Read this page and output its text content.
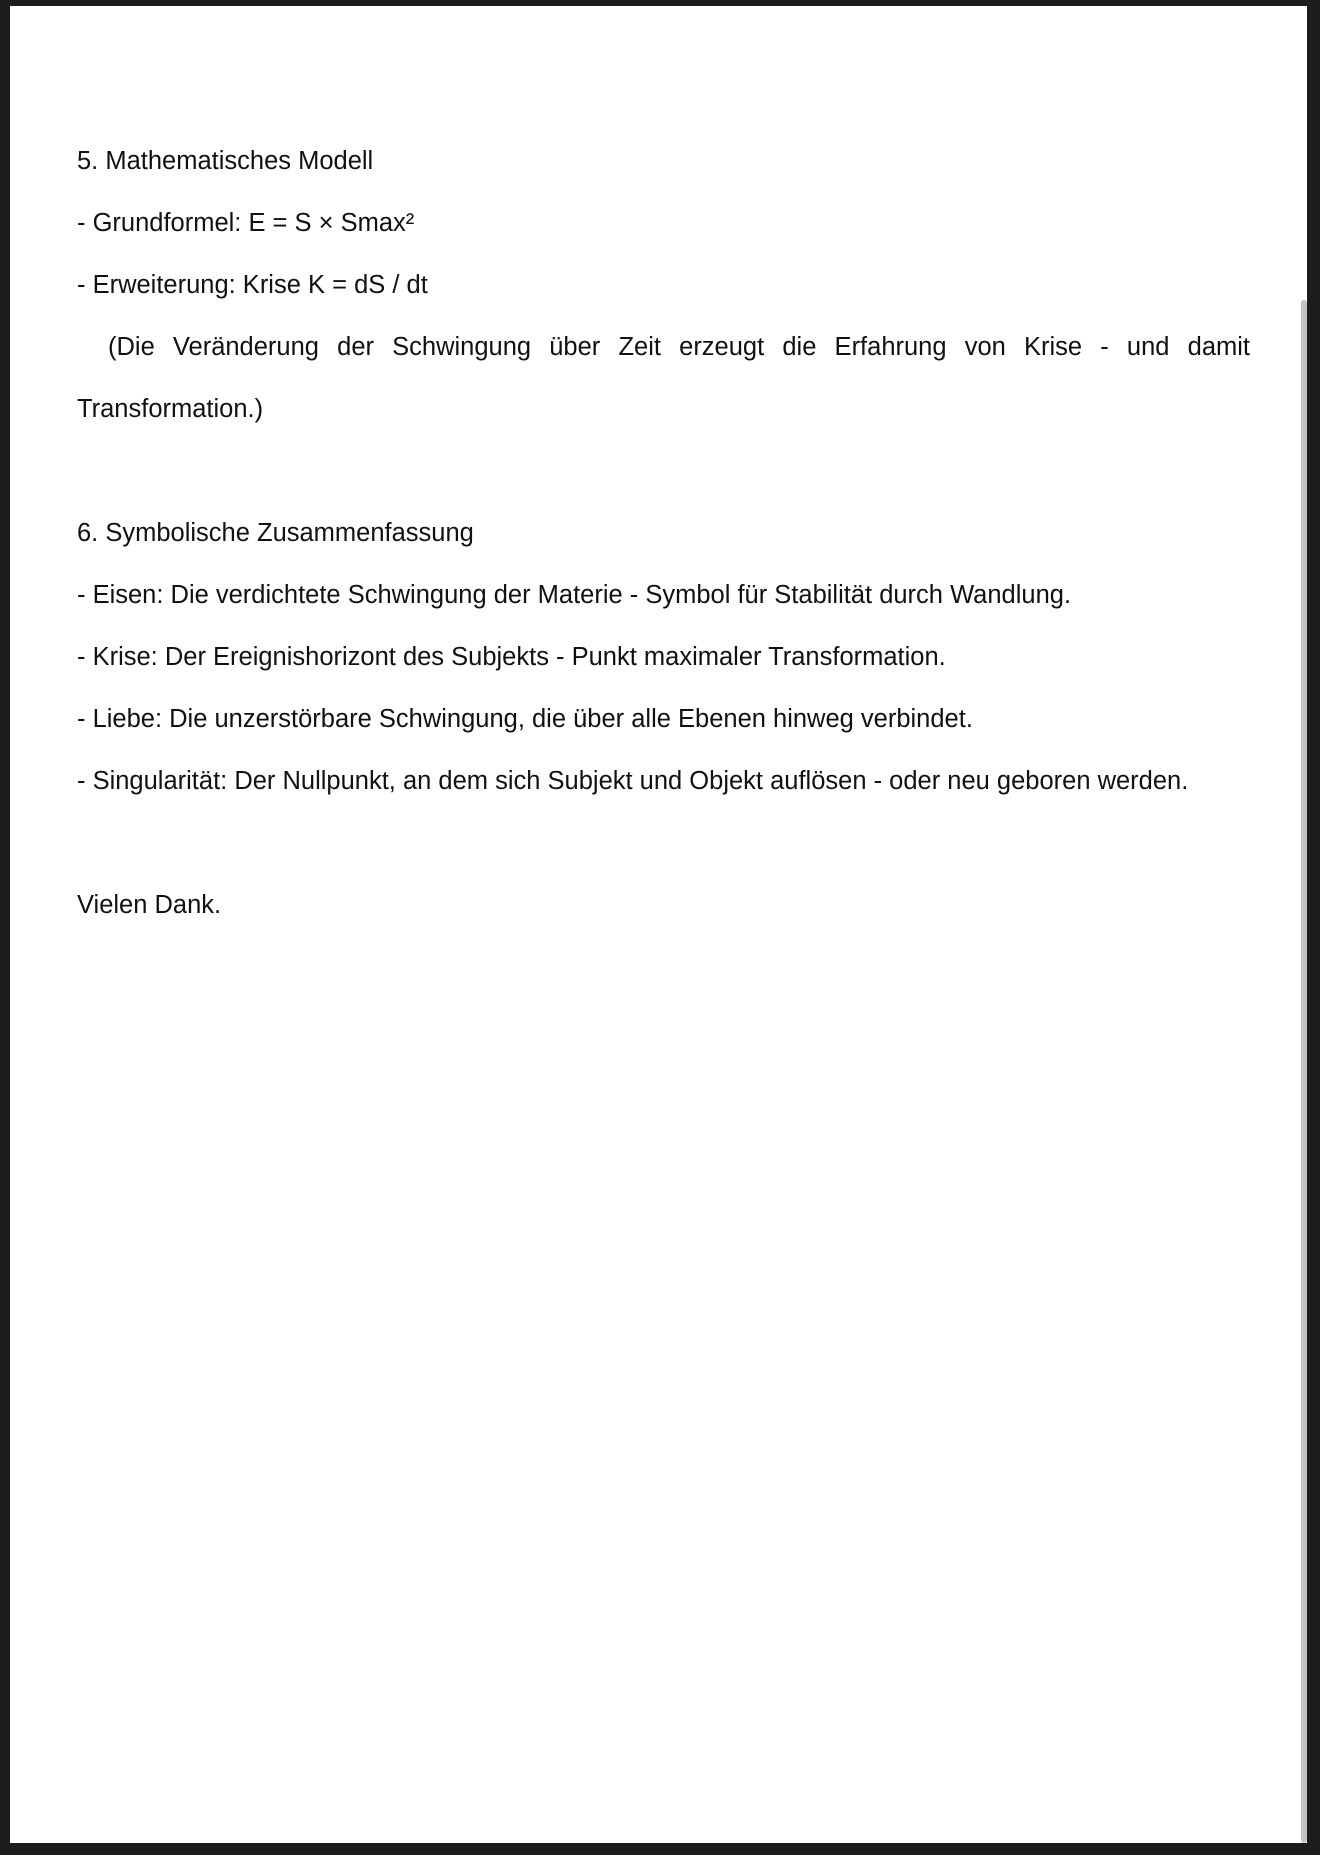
5. Mathematisches Modell
- Grundformel: E = S × Smax²
- Erweiterung: Krise K = dS / dt
(Die Veränderung der Schwingung über Zeit erzeugt die Erfahrung von Krise - und damit
Transformation.)
6. Symbolische Zusammenfassung
- Eisen: Die verdichtete Schwingung der Materie - Symbol für Stabilität durch Wandlung.
- Krise: Der Ereignishorizont des Subjekts - Punkt maximaler Transformation.
- Liebe: Die unzerstörbare Schwingung, die über alle Ebenen hinweg verbindet.
- Singularität: Der Nullpunkt, an dem sich Subjekt und Objekt auflösen - oder neu geboren werden.
Vielen Dank.
